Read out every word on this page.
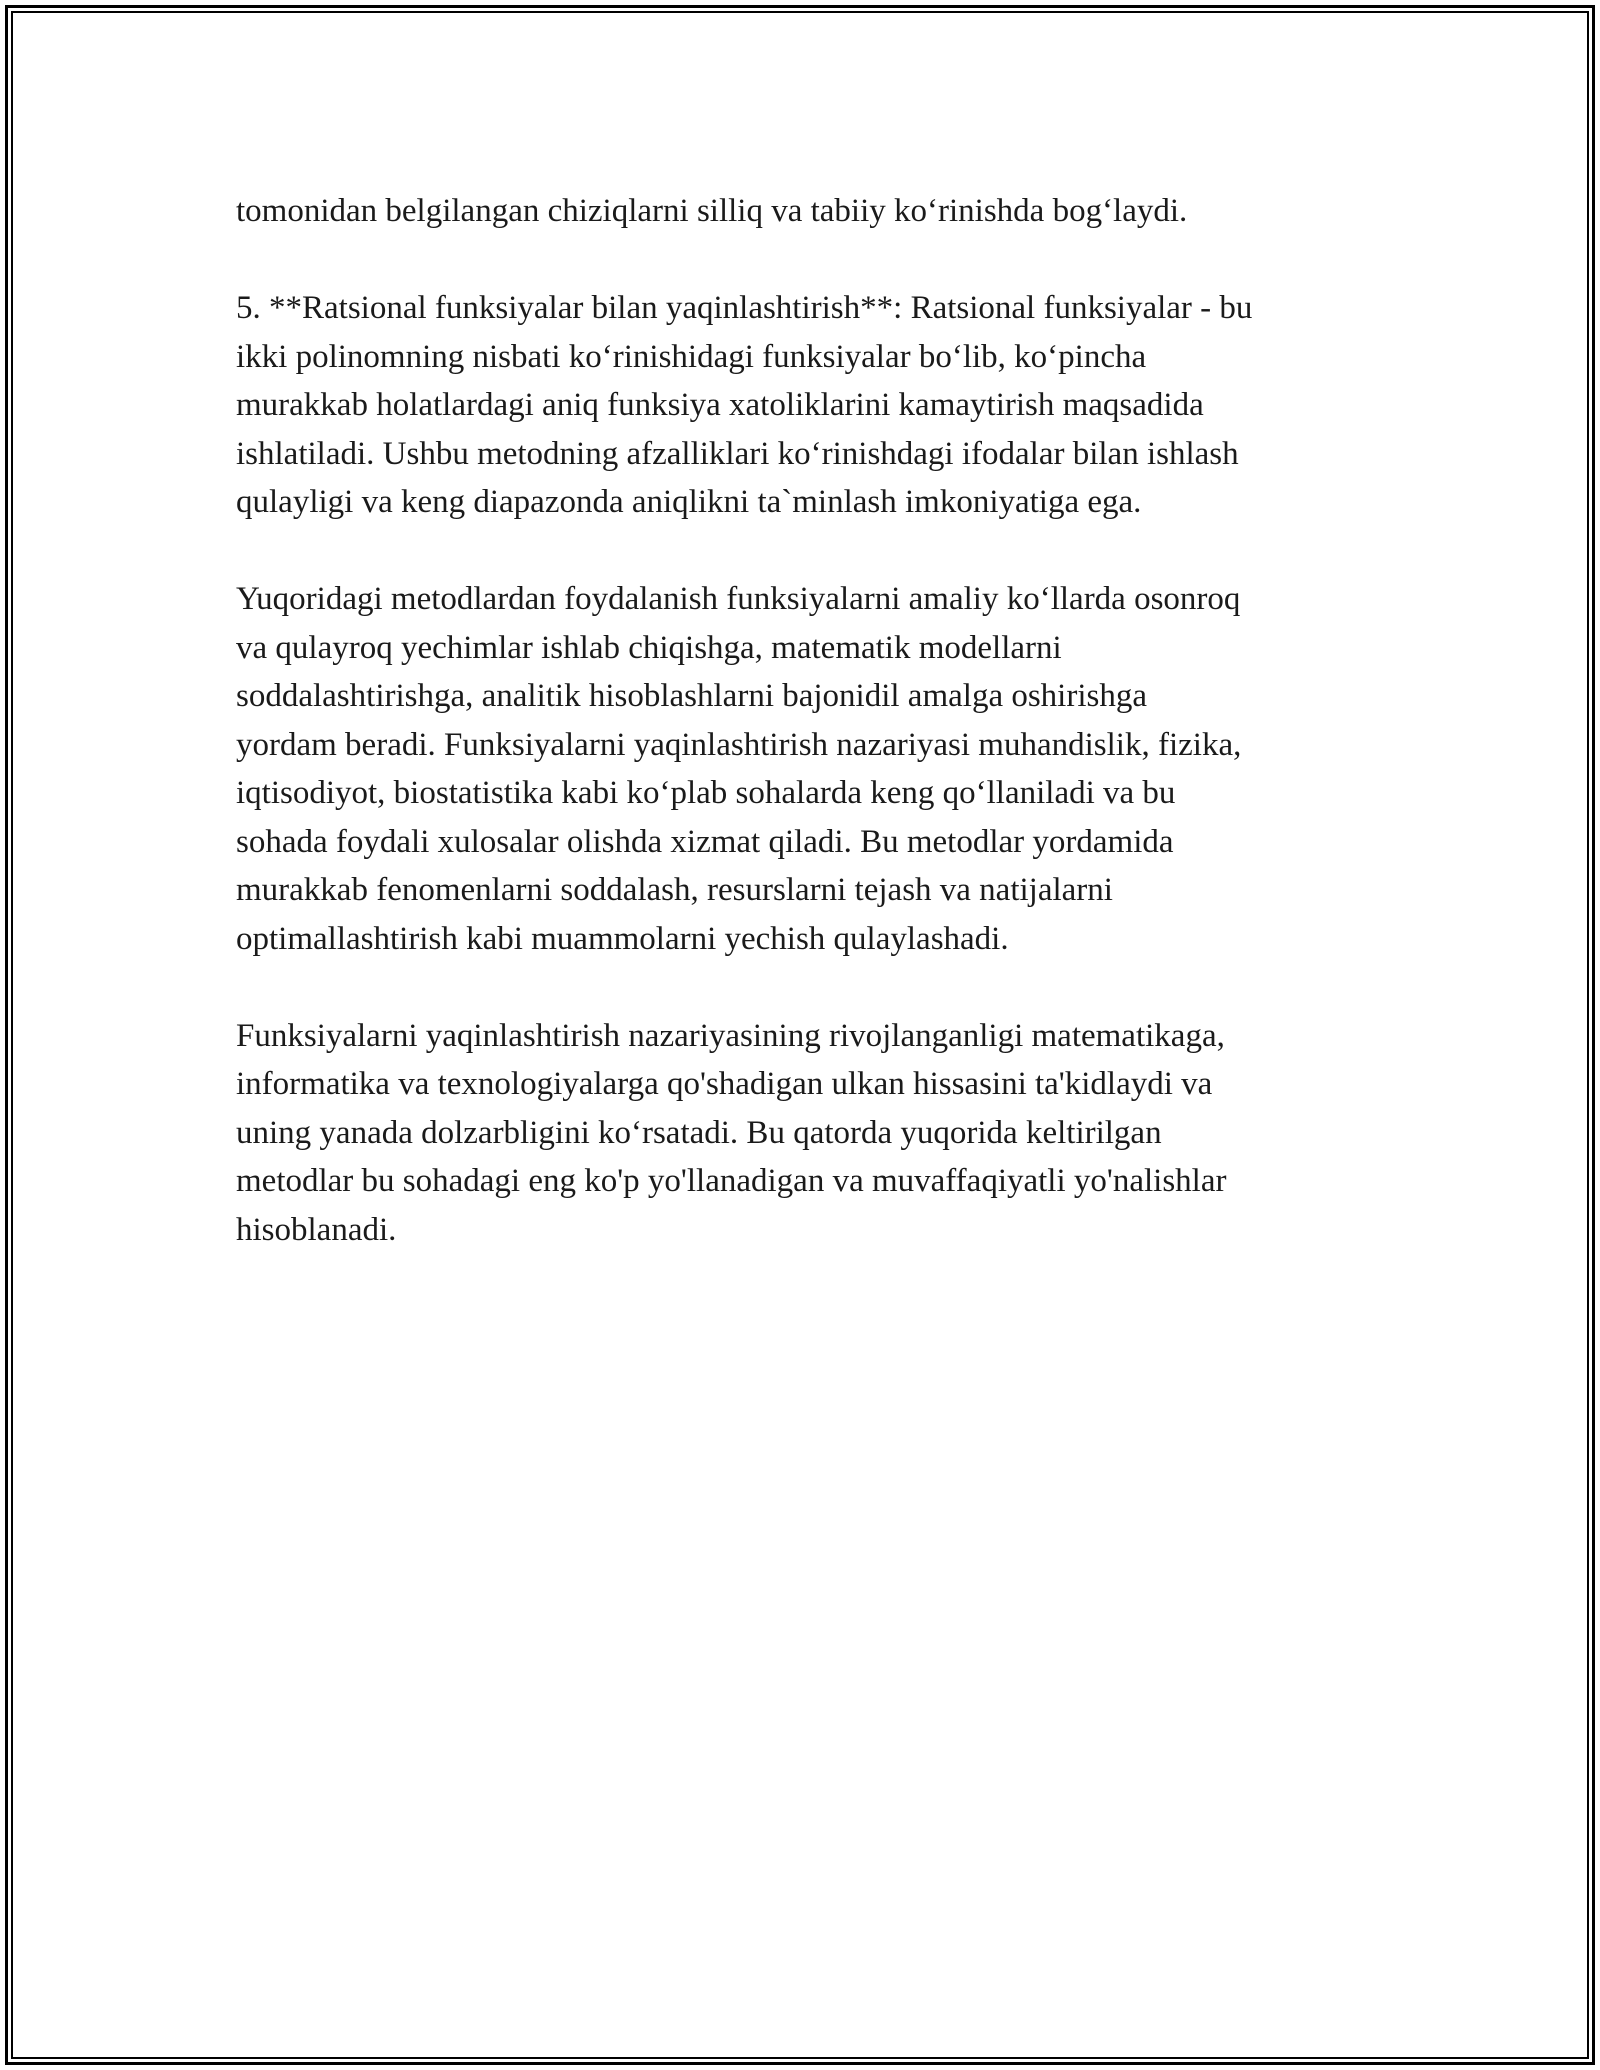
tomonidan belgilangan chiziqlarni silliq va tabiiy ko‘rinishda bog‘laydi.

5. **Ratsional funksiyalar bilan yaqinlashtirish**: Ratsional funksiyalar - bu
ikki polinomning nisbati ko‘rinishidagi funksiyalar bo‘lib, ko‘pincha
murakkab holatlardagi aniq funksiya xatoliklarini kamaytirish maqsadida
ishlatiladi. Ushbu metodning afzalliklari ko‘rinishdagi ifodalar bilan ishlash
qulayligi va keng diapazonda aniqlikni ta`minlash imkoniyatiga ega.

Yuqoridagi metodlardan foydalanish funksiyalarni amaliy ko‘llarda osonroq
va qulayroq yechimlar ishlab chiqishga, matematik modellarni
soddalashtirishga, analitik hisoblashlarni bajonidil amalga oshirishga
yordam beradi. Funksiyalarni yaqinlashtirish nazariyasi muhandislik, fizika,
iqtisodiyot, biostatistika kabi ko‘plab sohalarda keng qo‘llaniladi va bu
sohada foydali xulosalar olishda xizmat qiladi. Bu metodlar yordamida
murakkab fenomenlarni soddalash, resurslarni tejash va natijalarni
optimallashtirish kabi muammolarni yechish qulaylashadi.

Funksiyalarni yaqinlashtirish nazariyasining rivojlanganligi matematikaga,
informatika va texnologiyalarga qo'shadigan ulkan hissasini ta'kidlaydi va
uning yanada dolzarbligini ko‘rsatadi. Bu qatorda yuqorida keltirilgan
metodlar bu sohadagi eng ko'p yo'llanadigan va muvaffaqiyatli yo'nalishlar
hisoblanadi.
